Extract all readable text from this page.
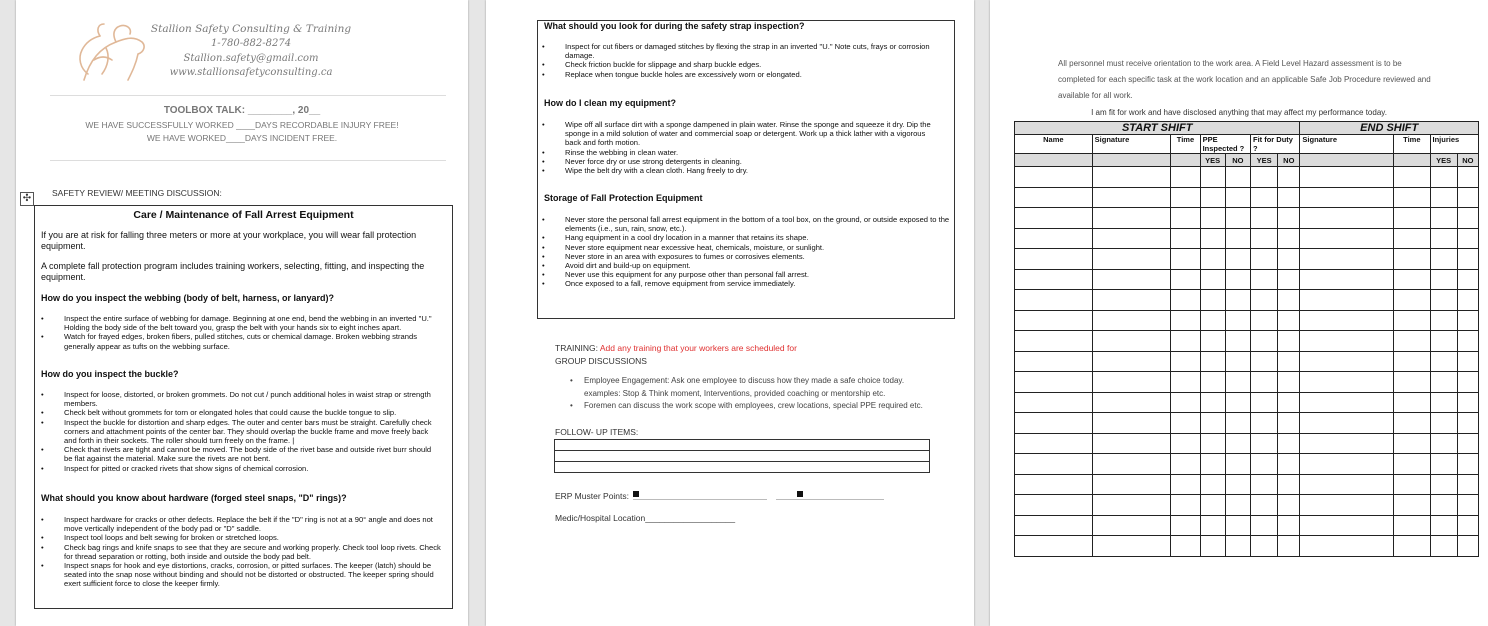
Stallion Safety Consulting & Training
1-780-882-8274
Stallion.safety@gmail.com
www.stallionsafetyconsulting.ca
TOOLBOX TALK: ________, 20__
WE HAVE SUCCESSFULLY WORKED ____DAYS RECORDABLE INJURY FREE!
WE HAVE WORKED____DAYS INCIDENT FREE.
✣	SAFETY REVIEW/ MEETING DISCUSSION:
Care / Maintenance of Fall Arrest Equipment
If you are at risk for falling three meters or more at your workplace, you will wear fall protection equipment.
A complete fall protection program includes training workers, selecting, fitting, and inspecting the equipment.
How do you inspect the webbing (body of belt, harness, or lanyard)?
• Inspect the entire surface of webbing for damage. Beginning at one end, bend the webbing in an inverted "U." Holding the body side of the belt toward you, grasp the belt with your hands six to eight inches apart.
• Watch for frayed edges, broken fibers, pulled stitches, cuts or chemical damage. Broken webbing strands generally appear as tufts on the webbing surface.
How do you inspect the buckle?
• Inspect for loose, distorted, or broken grommets. Do not cut / punch additional holes in waist strap or strength members.
• Check belt without grommets for torn or elongated holes that could cause the buckle tongue to slip.
• Inspect the buckle for distortion and sharp edges. The outer and center bars must be straight. Carefully check corners and attachment points of the center bar. They should overlap the buckle frame and move freely back and forth in their sockets. The roller should turn freely on the frame. |
• Check that rivets are tight and cannot be moved. The body side of the rivet base and outside rivet burr should be flat against the material. Make sure the rivets are not bent.
• Inspect for pitted or cracked rivets that show signs of chemical corrosion.
What should you know about hardware (forged steel snaps, "D" rings)?
• Inspect hardware for cracks or other defects. Replace the belt if the "D" ring is not at a 90° angle and does not move vertically independent of the body pad or "D" saddle.
• Inspect tool loops and belt sewing for broken or stretched loops.
• Check bag rings and knife snaps to see that they are secure and working properly. Check tool loop rivets. Check for thread separation or rotting, both inside and outside the body pad belt.
• Inspect snaps for hook and eye distortions, cracks, corrosion, or pitted surfaces. The keeper (latch) should be seated into the snap nose without binding and should not be distorted or obstructed. The keeper spring should exert sufficient force to close the keeper firmly.
What should you look for during the safety strap inspection?
• Inspect for cut fibers or damaged stitches by flexing the strap in an inverted "U." Note cuts, frays or corrosion damage.
• Check friction buckle for slippage and sharp buckle edges.
• Replace when tongue buckle holes are excessively worn or elongated.
How do I clean my equipment?
• Wipe off all surface dirt with a sponge dampened in plain water. Rinse the sponge and squeeze it dry. Dip the sponge in a mild solution of water and commercial soap or detergent. Work up a thick lather with a vigorous back and forth motion.
• Rinse the webbing in clean water.
• Never force dry or use strong detergents in cleaning.
• Wipe the belt dry with a clean cloth. Hang freely to dry.
Storage of Fall Protection Equipment
• Never store the personal fall arrest equipment in the bottom of a tool box, on the ground, or outside exposed to the elements (i.e., sun, rain, snow, etc.).
• Hang equipment in a cool dry location in a manner that retains its shape.
• Never store equipment near excessive heat, chemicals, moisture, or sunlight.
• Never store in an area with exposures to fumes or corrosives elements.
• Avoid dirt and build-up on equipment.
• Never use this equipment for any purpose other than personal fall arrest.
• Once exposed to a fall, remove equipment from service immediately.
TRAINING: Add any training that your workers are scheduled for
GROUP DISCUSSIONS
• Employee Engagement: Ask one employee to discuss how they made a safe choice today. examples: Stop & Think moment, Interventions, provided coaching or mentorship etc.
• Foremen can discuss the work scope with employees, crew locations, special PPE required etc.
FOLLOW- UP ITEMS:

ERP Muster Points:
Medic/Hospital Location___________________
All personnel must receive orientation to the work area. A Field Level Hazard assessment is to be completed for each specific task at the work location and an applicable Safe Job Procedure reviewed and available for all work.
I am fit for work and have disclosed anything that may affect my performance today.
START SHIFT							END SHIFT			
Name	Signature	Time	PPE Inspected ?		Fit for Duty ?		Signature	Time	Injuries	
			YES	NO	YES	NO			YES	NO
